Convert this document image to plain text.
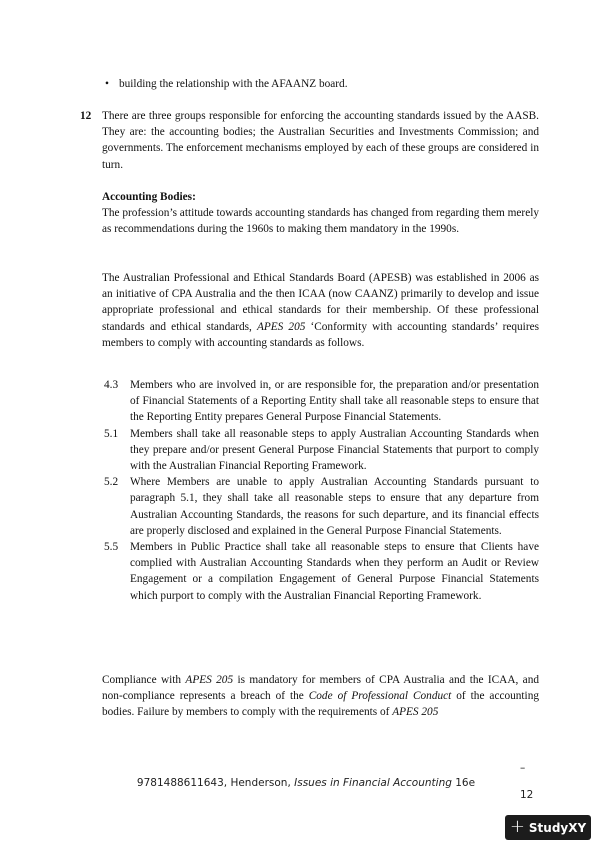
• building the relationship with the AFAANZ board.
12 There are three groups responsible for enforcing the accounting standards issued by the AASB. They are: the accounting bodies; the Australian Securities and Investments Commission; and governments. The enforcement mechanisms employed by each of these groups are considered in turn.

Accounting Bodies:

The profession’s attitude towards accounting standards has changed from regarding them merely as recommendations during the 1960s to making them mandatory in the 1990s.

The Australian Professional and Ethical Standards Board (APESB) was established in 2006 as an initiative of CPA Australia and the then ICAA (now CAANZ) primarily to develop and issue appropriate professional and ethical standards for their membership. Of these professional standards and ethical standards, APES 205 ‘Conformity with accounting standards’ requires members to comply with accounting standards as follows.

4.3 Members who are involved in, or are responsible for, the preparation and/or presentation of Financial Statements of a Reporting Entity shall take all reasonable steps to ensure that the Reporting Entity prepares General Purpose Financial Statements.
5.1 Members shall take all reasonable steps to apply Australian Accounting Standards when they prepare and/or present General Purpose Financial Statements that purport to comply with the Australian Financial Reporting Framework.
5.2 Where Members are unable to apply Australian Accounting Standards pursuant to paragraph 5.1, they shall take all reasonable steps to ensure that any departure from Australian Accounting Standards, the reasons for such departure, and its financial effects are properly disclosed and explained in the General Purpose Financial Statements.
5.5 Members in Public Practice shall take all reasonable steps to ensure that Clients have complied with Australian Accounting Standards when they perform an Audit or Review Engagement or a compilation Engagement of General Purpose Financial Statements which purport to comply with the Australian Financial Reporting Framework.

Compliance with APES 205 is mandatory for members of CPA Australia and the ICAA, and non-compliance represents a breach of the Code of Professional Conduct of the accounting bodies. Failure by members to comply with the requirements of APES 205

–
9781488611643, Henderson, Issues in Financial Accounting 16e
12
+ StudyXY
